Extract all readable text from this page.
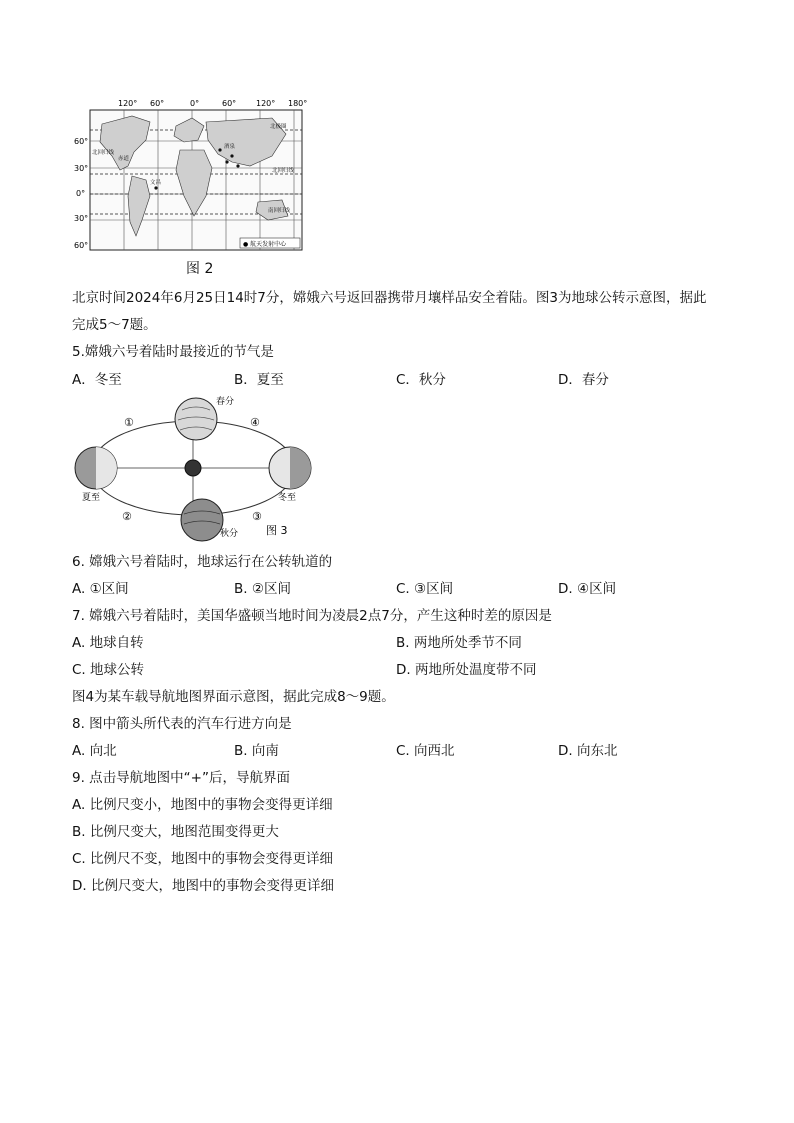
120° 60°	0°	60° 120° 180°
60°
30°
0°
30°
60°
北极圈
北回归线
北回归线
赤道
南回归线
酒泉
文昌
● 航天发射中心
图 2
北京时间2024年6月25日14时7分，嫦娥六号返回器携带月壤样品安全着陆。图3为地球公转示意图，据此
完成5～7题。
5.嫦娥六号着陆时最接近的节气是
A．冬至	B．夏至	C．秋分	D．春分
春分
夏至	冬至
秋分
①
②	③
④
图 3
6. 嫦娥六号着陆时，地球运行在公转轨道的
A. ①区间	B. ②区间	C. ③区间	D. ④区间
7. 嫦娥六号着陆时，美国华盛顿当地时间为凌晨2点7分，产生这种时差的原因是
A. 地球自转	B. 两地所处季节不同
C. 地球公转	D. 两地所处温度带不同
图4为某车载导航地图界面示意图，据此完成8～9题。
8. 图中箭头所代表的汽车行进方向是
A. 向北	B. 向南	C. 向西北	D. 向东北
9. 点击导航地图中“+”后，导航界面
A. 比例尺变小，地图中的事物会变得更详细
B. 比例尺变大，地图范围变得更大
C. 比例尺不变，地图中的事物会变得更详细
D. 比例尺变大，地图中的事物会变得更详细
